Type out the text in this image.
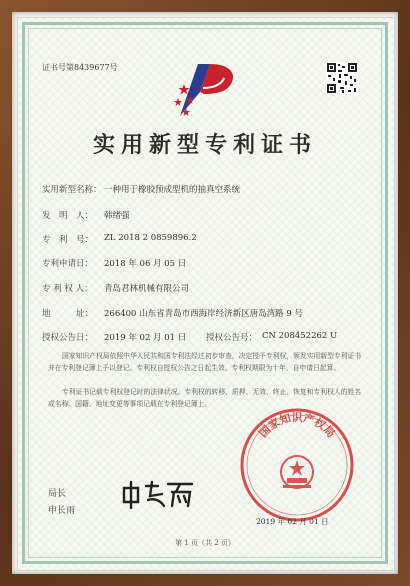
证书号第8439677号
实用新型专利证书
实用新型名称： 一种用于橡胶预成型机的抽真空系统
发　明　人： 韩绪强
专　利　号： ZL 2018 2 0859896.2
专利申请日： 2018 年 06 月 05 日
专 利 权 人： 青岛君林机械有限公司
地　　　址： 266400 山东省青岛市西海岸经济新区唐岛湾路 9 号
授权公告日： 2019 年 02 月 01 日 授权公告号： CN 208452262 U
国家知识产权局依照中华人民共和国专利法经过初步审查，决定授予专利权，颁发实用新型专利证书并在专利登记簿上予以登记。专利权自授权公告之日起生效。专利权期限为十年，自申请日起算。
专利证书记载专利权登记时的法律状况。专利权的转移、质押、无效、终止、恢复和专利权人的姓名或名称、国籍、地址变更等事项记载在专利登记簿上。
国家知识产权局
2019 年 02 月 01 日
局长
申长雨
第 1 页（共 2 页）
